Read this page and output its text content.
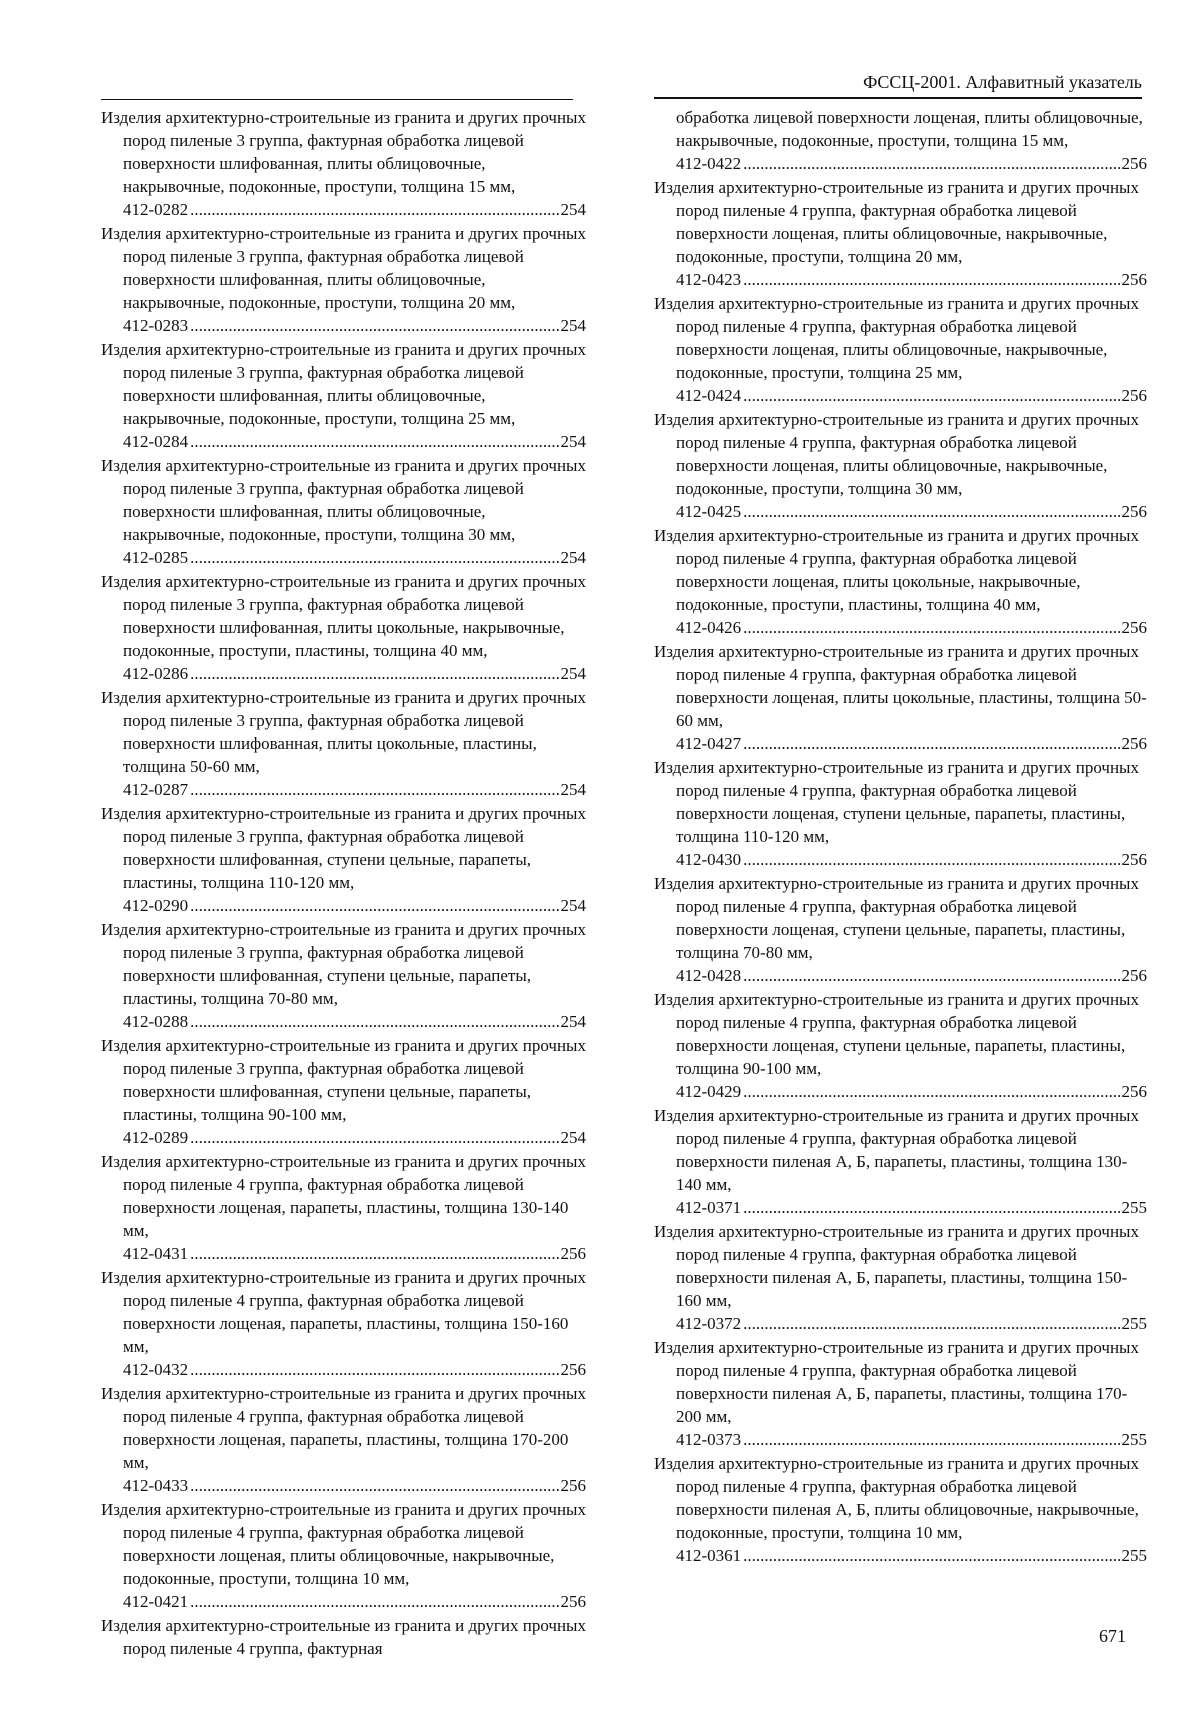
ФССЦ-2001. Алфавитный указатель
Изделия архитектурно-строительные из гранита и других прочных пород пиленые 3 группа, фактурная обработка лицевой поверхности шлифованная, плиты облицовочные, накрывочные, подоконные, проступи, толщина 15 мм,
412-0282 .....	254
Изделия архитектурно-строительные из гранита и других прочных пород пиленые 3 группа, фактурная обработка лицевой поверхности шлифованная, плиты облицовочные, накрывочные, подоконные, проступи, толщина 20 мм,
412-0283 .....	254
Изделия архитектурно-строительные из гранита и других прочных пород пиленые 3 группа, фактурная обработка лицевой поверхности шлифованная, плиты облицовочные, накрывочные, подоконные, проступи, толщина 25 мм,
412-0284 .....	254
Изделия архитектурно-строительные из гранита и других прочных пород пиленые 3 группа, фактурная обработка лицевой поверхности шлифованная, плиты облицовочные, накрывочные, подоконные, проступи, толщина 30 мм,
412-0285 .....	254
Изделия архитектурно-строительные из гранита и других прочных пород пиленые 3 группа, фактурная обработка лицевой поверхности шлифованная, плиты цокольные, накрывочные, подоконные, проступи, пластины, толщина 40 мм,
412-0286 .....	254
Изделия архитектурно-строительные из гранита и других прочных пород пиленые 3 группа, фактурная обработка лицевой поверхности шлифованная, плиты цокольные, пластины, толщина 50-60 мм,
412-0287 .....	254
Изделия архитектурно-строительные из гранита и других прочных пород пиленые 3 группа, фактурная обработка лицевой поверхности шлифованная, ступени цельные, парапеты, пластины, толщина 110-120 мм,
412-0290 .....	254
Изделия архитектурно-строительные из гранита и других прочных пород пиленые 3 группа, фактурная обработка лицевой поверхности шлифованная, ступени цельные, парапеты, пластины, толщина 70-80 мм,
412-0288 .....	254
Изделия архитектурно-строительные из гранита и других прочных пород пиленые 3 группа, фактурная обработка лицевой поверхности шлифованная, ступени цельные, парапеты, пластины, толщина 90-100 мм,
412-0289 .....	254
Изделия архитектурно-строительные из гранита и других прочных пород пиленые 4 группа, фактурная обработка лицевой поверхности лощеная, парапеты, пластины, толщина 130-140 мм,
412-0431 .....	256
Изделия архитектурно-строительные из гранита и других прочных пород пиленые 4 группа, фактурная обработка лицевой поверхности лощеная, парапеты, пластины, толщина 150-160 мм,
412-0432 .....	256
Изделия архитектурно-строительные из гранита и других прочных пород пиленые 4 группа, фактурная обработка лицевой поверхности лощеная, парапеты, пластины, толщина 170-200 мм,
412-0433 .....	256
Изделия архитектурно-строительные из гранита и других прочных пород пиленые 4 группа, фактурная обработка лицевой поверхности лощеная, плиты облицовочные, накрывочные, подоконные, проступи, толщина 10 мм,
412-0421 .....	256
Изделия архитектурно-строительные из гранита и других прочных пород пиленые 4 группа, фактурная
обработка лицевой поверхности лощеная, плиты облицовочные, накрывочные, подоконные, проступи, толщина 15 мм,
412-0422 .....	256
Изделия архитектурно-строительные из гранита и других прочных пород пиленые 4 группа, фактурная обработка лицевой поверхности лощеная, плиты облицовочные, накрывочные, подоконные, проступи, толщина 20 мм,
412-0423 .....	256
Изделия архитектурно-строительные из гранита и других прочных пород пиленые 4 группа, фактурная обработка лицевой поверхности лощеная, плиты облицовочные, накрывочные, подоконные, проступи, толщина 25 мм,
412-0424 .....	256
Изделия архитектурно-строительные из гранита и других прочных пород пиленые 4 группа, фактурная обработка лицевой поверхности лощеная, плиты облицовочные, накрывочные, подоконные, проступи, толщина 30 мм,
412-0425 .....	256
Изделия архитектурно-строительные из гранита и других прочных пород пиленые 4 группа, фактурная обработка лицевой поверхности лощеная, плиты цокольные, накрывочные, подоконные, проступи, пластины, толщина 40 мм,
412-0426 .....	256
Изделия архитектурно-строительные из гранита и других прочных пород пиленые 4 группа, фактурная обработка лицевой поверхности лощеная, плиты цокольные, пластины, толщина 50-60 мм,
412-0427 .....	256
Изделия архитектурно-строительные из гранита и других прочных пород пиленые 4 группа, фактурная обработка лицевой поверхности лощеная, ступени цельные, парапеты, пластины, толщина 110-120 мм,
412-0430 .....	256
Изделия архитектурно-строительные из гранита и других прочных пород пиленые 4 группа, фактурная обработка лицевой поверхности лощеная, ступени цельные, парапеты, пластины, толщина 70-80 мм,
412-0428 .....	256
Изделия архитектурно-строительные из гранита и других прочных пород пиленые 4 группа, фактурная обработка лицевой поверхности лощеная, ступени цельные, парапеты, пластины, толщина 90-100 мм,
412-0429 .....	256
Изделия архитектурно-строительные из гранита и других прочных пород пиленые 4 группа, фактурная обработка лицевой поверхности пиленая А, Б, парапеты, пластины, толщина 130-140 мм,
412-0371 .....	255
Изделия архитектурно-строительные из гранита и других прочных пород пиленые 4 группа, фактурная обработка лицевой поверхности пиленая А, Б, парапеты, пластины, толщина 150-160 мм,
412-0372 .....	255
Изделия архитектурно-строительные из гранита и других прочных пород пиленые 4 группа, фактурная обработка лицевой поверхности пиленая А, Б, парапеты, пластины, толщина 170-200 мм,
412-0373 .....	255
Изделия архитектурно-строительные из гранита и других прочных пород пиленые 4 группа, фактурная обработка лицевой поверхности пиленая А, Б, плиты облицовочные, накрывочные, подоконные, проступи, толщина 10 мм,
412-0361 .....	255
671
